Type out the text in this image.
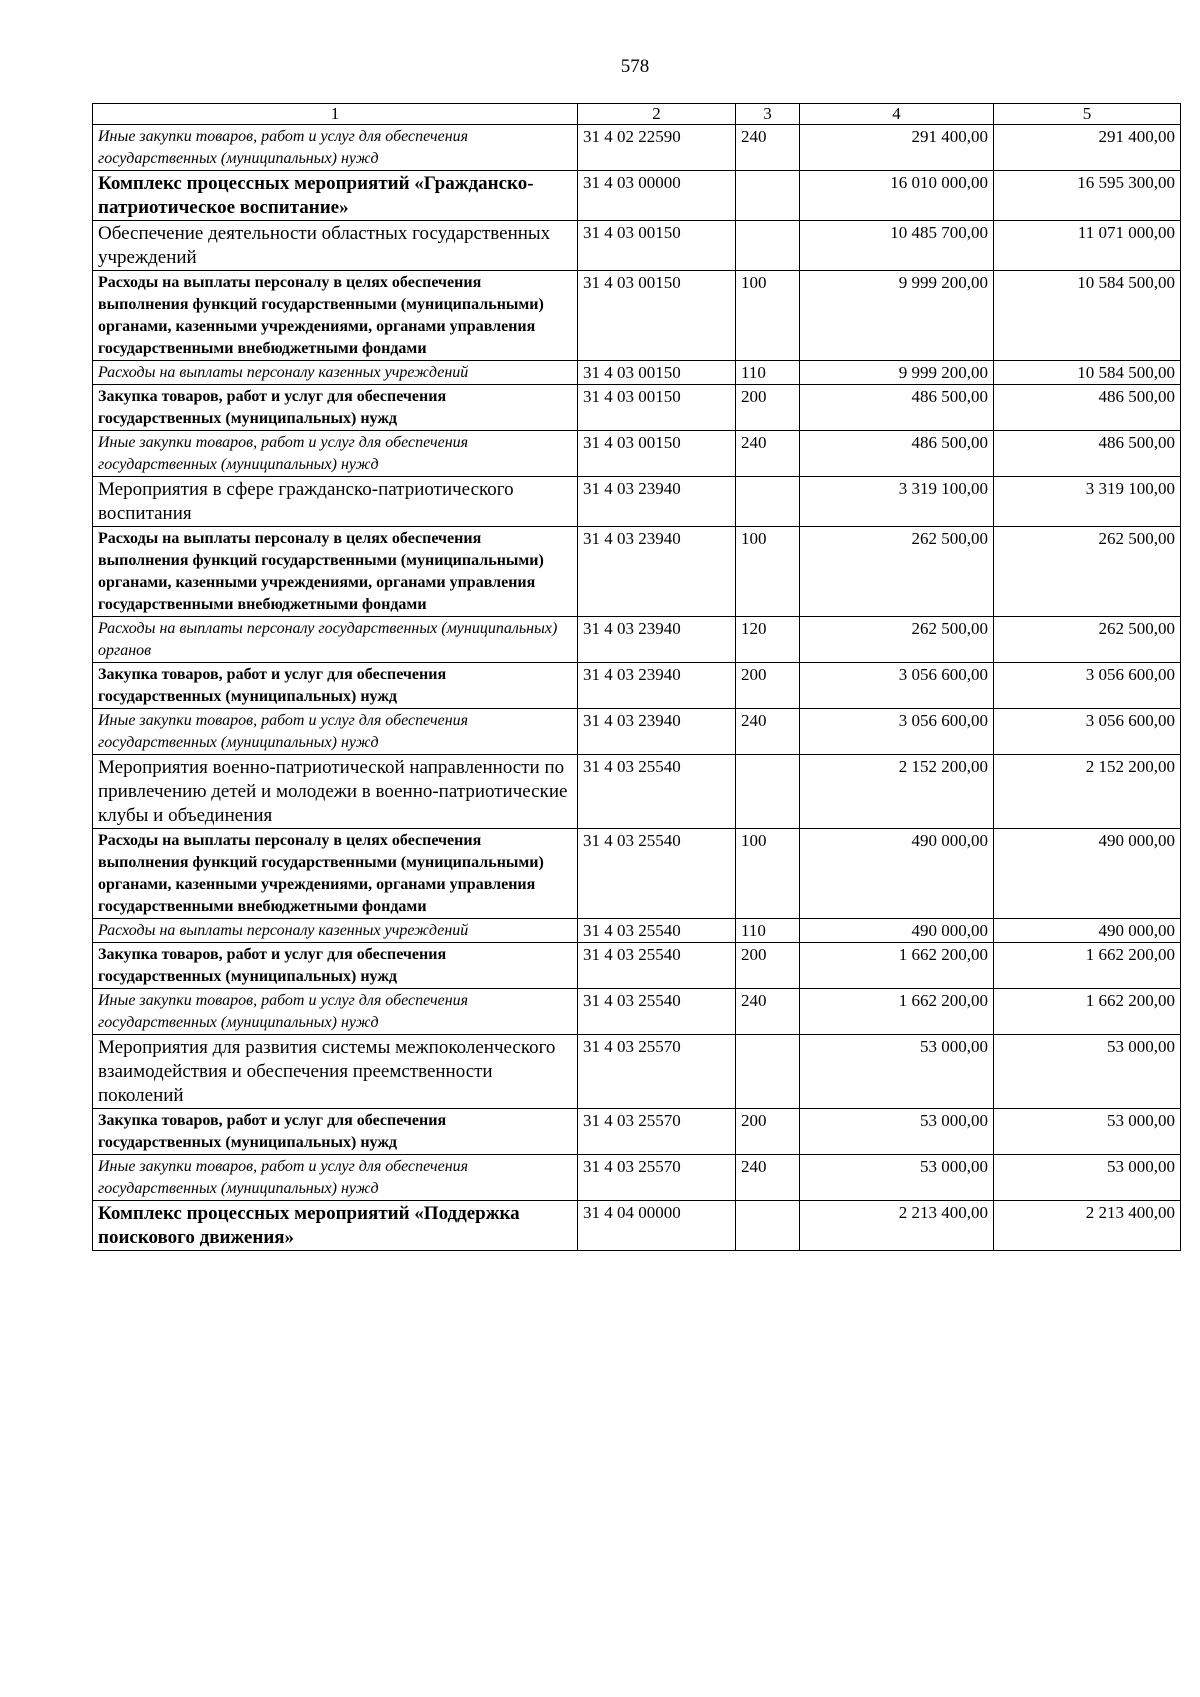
578
1	2	3	4	5
Иные закупки товаров, работ и услуг для обеспечения государственных (муниципальных) нужд	31 4 02 22590	240	291 400,00	291 400,00
Комплекс процессных мероприятий «Гражданско-патриотическое воспитание»	31 4 03 00000		16 010 000,00	16 595 300,00
Обеспечение деятельности областных государственных учреждений	31 4 03 00150		10 485 700,00	11 071 000,00
Расходы на выплаты персоналу в целях обеспечения выполнения функций государственными (муниципальными) органами, казенными учреждениями, органами управления государственными внебюджетными фондами	31 4 03 00150	100	9 999 200,00	10 584 500,00
Расходы на выплаты персоналу казенных учреждений	31 4 03 00150	110	9 999 200,00	10 584 500,00
Закупка товаров, работ и услуг для обеспечения государственных (муниципальных) нужд	31 4 03 00150	200	486 500,00	486 500,00
Иные закупки товаров, работ и услуг для обеспечения государственных (муниципальных) нужд	31 4 03 00150	240	486 500,00	486 500,00
Мероприятия в сфере гражданско-патриотического воспитания	31 4 03 23940		3 319 100,00	3 319 100,00
Расходы на выплаты персоналу в целях обеспечения выполнения функций государственными (муниципальными) органами, казенными учреждениями, органами управления государственными внебюджетными фондами	31 4 03 23940	100	262 500,00	262 500,00
Расходы на выплаты персоналу государственных (муниципальных) органов	31 4 03 23940	120	262 500,00	262 500,00
Закупка товаров, работ и услуг для обеспечения государственных (муниципальных) нужд	31 4 03 23940	200	3 056 600,00	3 056 600,00
Иные закупки товаров, работ и услуг для обеспечения государственных (муниципальных) нужд	31 4 03 23940	240	3 056 600,00	3 056 600,00
Мероприятия военно-патриотической направленности по привлечению детей и молодежи в военно-патриотические клубы и объединения	31 4 03 25540		2 152 200,00	2 152 200,00
Расходы на выплаты персоналу в целях обеспечения выполнения функций государственными (муниципальными) органами, казенными учреждениями, органами управления государственными внебюджетными фондами	31 4 03 25540	100	490 000,00	490 000,00
Расходы на выплаты персоналу казенных учреждений	31 4 03 25540	110	490 000,00	490 000,00
Закупка товаров, работ и услуг для обеспечения государственных (муниципальных) нужд	31 4 03 25540	200	1 662 200,00	1 662 200,00
Иные закупки товаров, работ и услуг для обеспечения государственных (муниципальных) нужд	31 4 03 25540	240	1 662 200,00	1 662 200,00
Мероприятия для развития системы межпоколенческого взаимодействия и обеспечения преемственности поколений	31 4 03 25570		53 000,00	53 000,00
Закупка товаров, работ и услуг для обеспечения государственных (муниципальных) нужд	31 4 03 25570	200	53 000,00	53 000,00
Иные закупки товаров, работ и услуг для обеспечения государственных (муниципальных) нужд	31 4 03 25570	240	53 000,00	53 000,00
Комплекс процессных мероприятий «Поддержка поискового движения»	31 4 04 00000		2 213 400,00	2 213 400,00
